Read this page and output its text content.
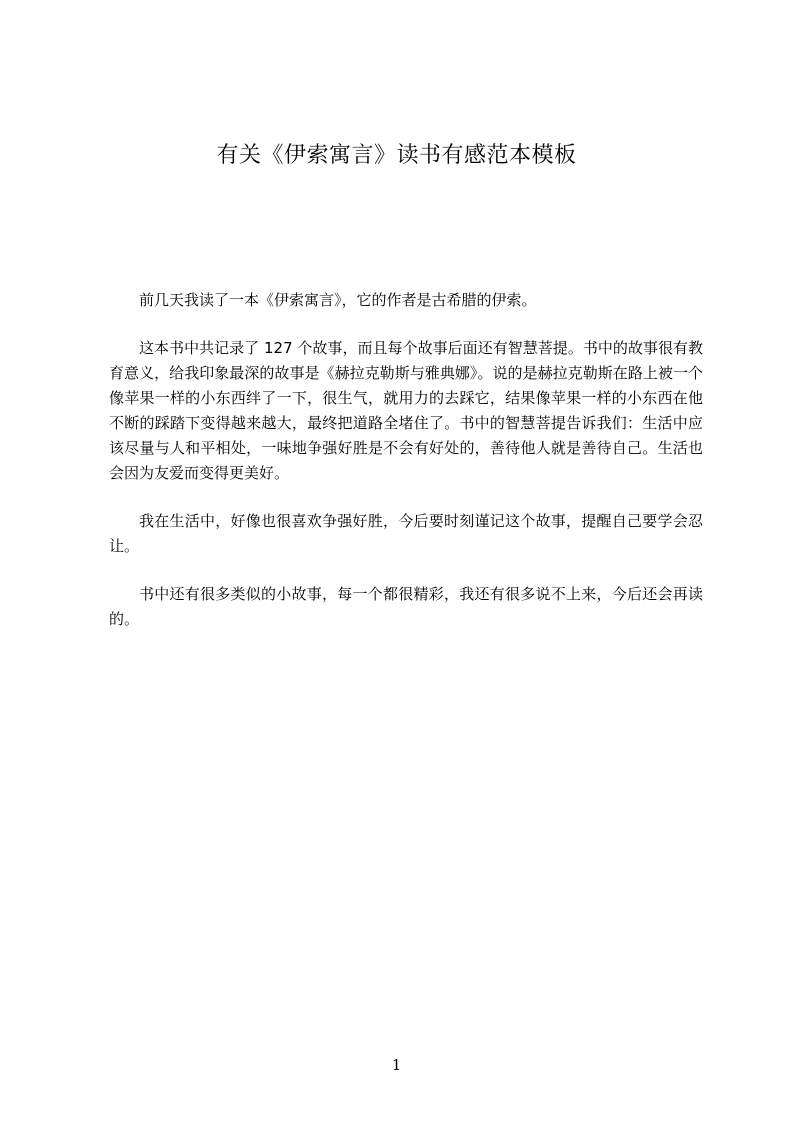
有关《伊索寓言》读书有感范本模板

前几天我读了一本《伊索寓言》，它的作者是古希腊的伊索。

这本书中共记录了 127 个故事，而且每个故事后面还有智慧菩提。书中的故事很有教育意义，给我印象最深的故事是《赫拉克勒斯与雅典娜》。说的是赫拉克勒斯在路上被一个像苹果一样的小东西绊了一下，很生气，就用力的去踩它，结果像苹果一样的小东西在他不断的踩踏下变得越来越大，最终把道路全堵住了。书中的智慧菩提告诉我们：生活中应该尽量与人和平相处，一味地争强好胜是不会有好处的，善待他人就是善待自己。生活也会因为友爱而变得更美好。

我在生活中，好像也很喜欢争强好胜，今后要时刻谨记这个故事，提醒自己要学会忍让。

书中还有很多类似的小故事，每一个都很精彩，我还有很多说不上来，今后还会再读的。

1
